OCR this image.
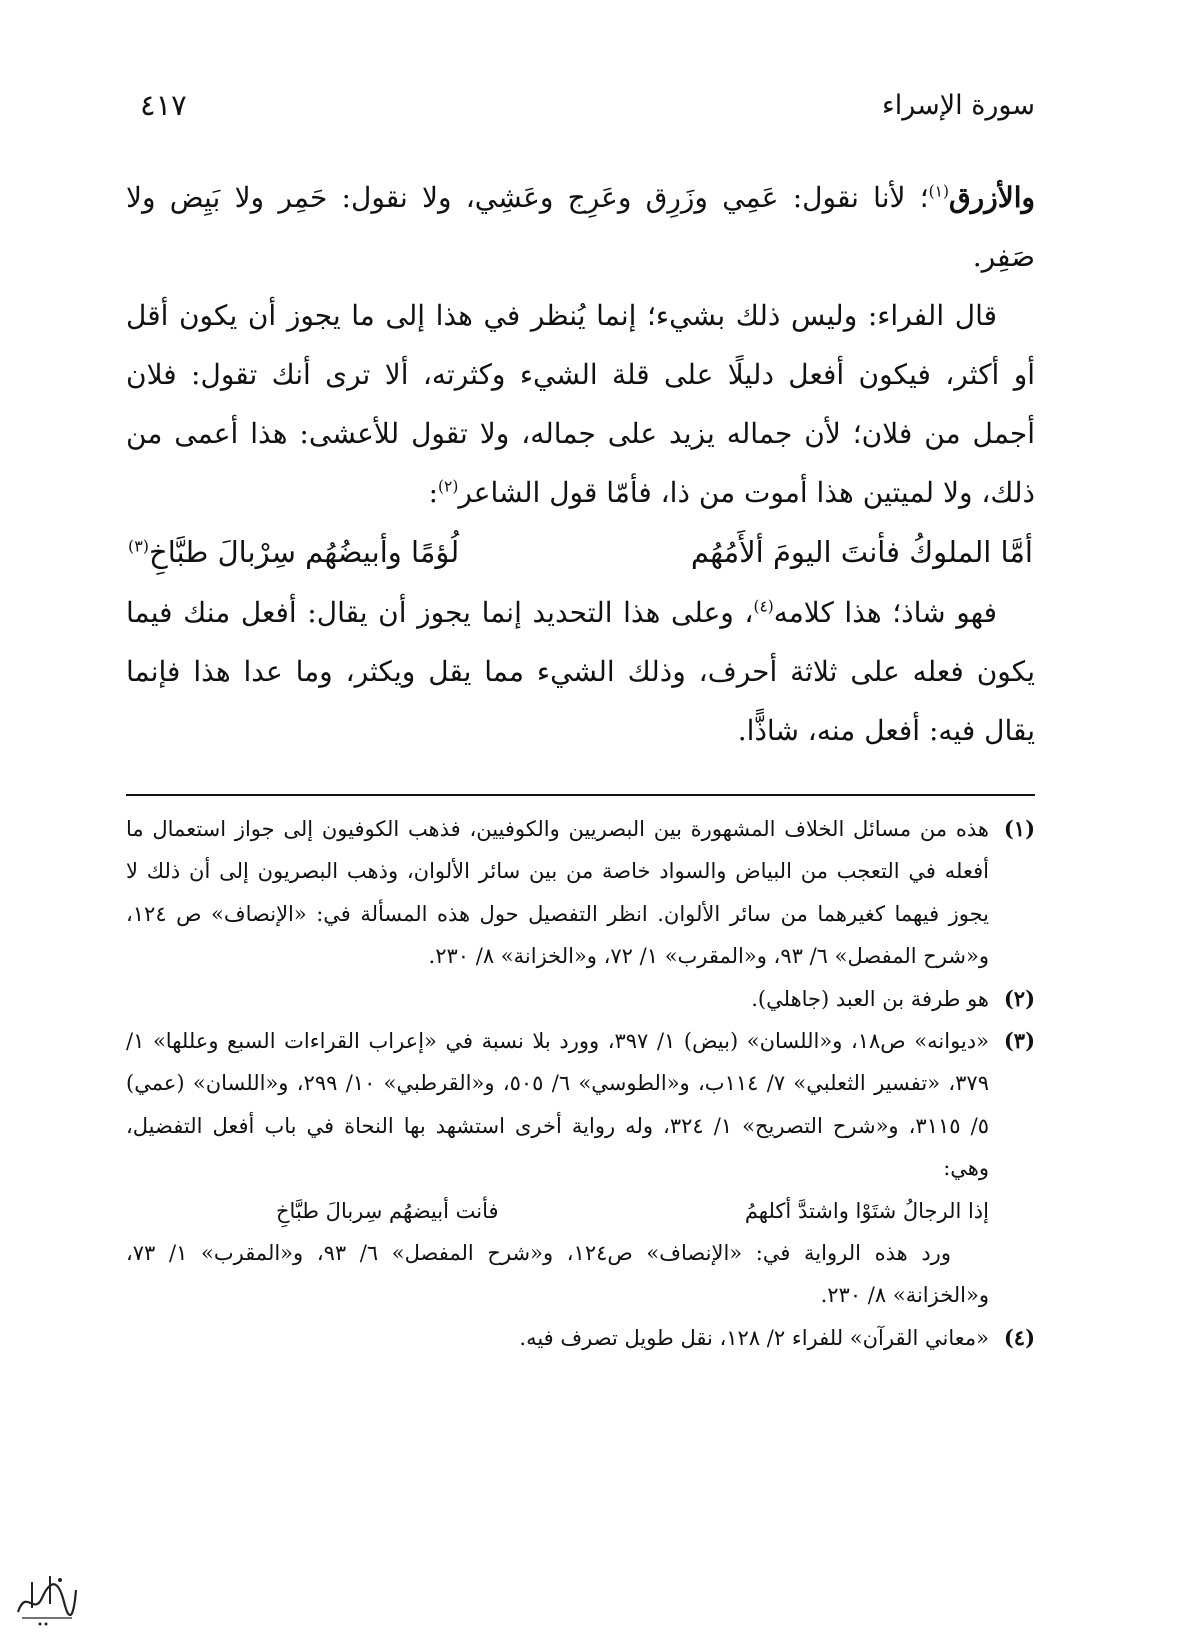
سورة الإسراء
٤١٧

والأزرق$^{(١)}$؛ لأنا نقول: عَمِي وزَرِق وعَرِج وعَشِي، ولا نقول: حَمِر ولا بَيِض ولا صَفِر.

قال الفراء: وليس ذلك بشيء؛ إنما يُنظر في هذا إلى ما يجوز أن يكون أقل أو أكثر، فيكون أفعل دليلًا على قلة الشيء وكثرته، ألا ترى أنك تقول: فلان أجمل من فلان؛ لأن جماله يزيد على جماله، ولا تقول للأعشى: هذا أعمى من ذلك، ولا لميتين هذا أموت من ذا، فأمّا قول الشاعر$^{(٢)}$:

أمَّا الملوكُ فأنتَ اليومَ ألأَمُهُم
لُؤمًا وأبيضُهُم سِرْبالَ طبَّاخِ$^{(٣)}$

فهو شاذ؛ هذا كلامه$^{(٤)}$، وعلى هذا التحديد إنما يجوز أن يقال: أفعل منك فيما يكون فعله على ثلاثة أحرف، وذلك الشيء مما يقل ويكثر، وما عدا هذا فإنما يقال فيه: أفعل منه، شاذًّا.

(١)

هذه من مسائل الخلاف المشهورة بين البصريين والكوفيين، فذهب الكوفيون إلى جواز استعمال ما أفعله في التعجب من البياض والسواد خاصة من بين سائر الألوان، وذهب البصريون إلى أن ذلك لا يجوز فيهما كغيرهما من سائر الألوان. انظر التفصيل حول هذه المسألة في: «الإنصاف» ص ١٢٤، و«شرح المفصل» ٦/ ٩٣، و«المقرب» ١/ ٧٢، و«الخزانة» ٨/ ٢٣٠.

(٢)

هو طرفة بن العبد (جاهلي).

(٣)

«ديوانه» ص١٨، و«اللسان» (بيض) ١/ ٣٩٧، وورد بلا نسبة في «إعراب القراءات السبع وعللها» ١/ ٣٧٩، «تفسير الثعلبي» ٧/ ١١٤ب، و«الطوسي» ٦/ ٥٠٥، و«القرطبي» ١٠/ ٢٩٩، و«اللسان» (عمي) ٥/ ٣١١٥، و«شرح التصريح» ١/ ٣٢٤، وله رواية أخرى استشهد بها النحاة في باب أفعل التفضيل، وهي:

إذا الرجالُ شتَوْا واشتدَّ أكلهمُ
فأنت أبيضهُم سِربالَ طبَّاخِ

ورد هذه الرواية في: «الإنصاف» ص١٢٤، و«شرح المفصل» ٦/ ٩٣، و«المقرب» ١/ ٧٣، و«الخزانة» ٨/ ٢٣٠.

(٤)

«معاني القرآن» للفراء ٢/ ١٢٨، نقل طويل تصرف فيه.
